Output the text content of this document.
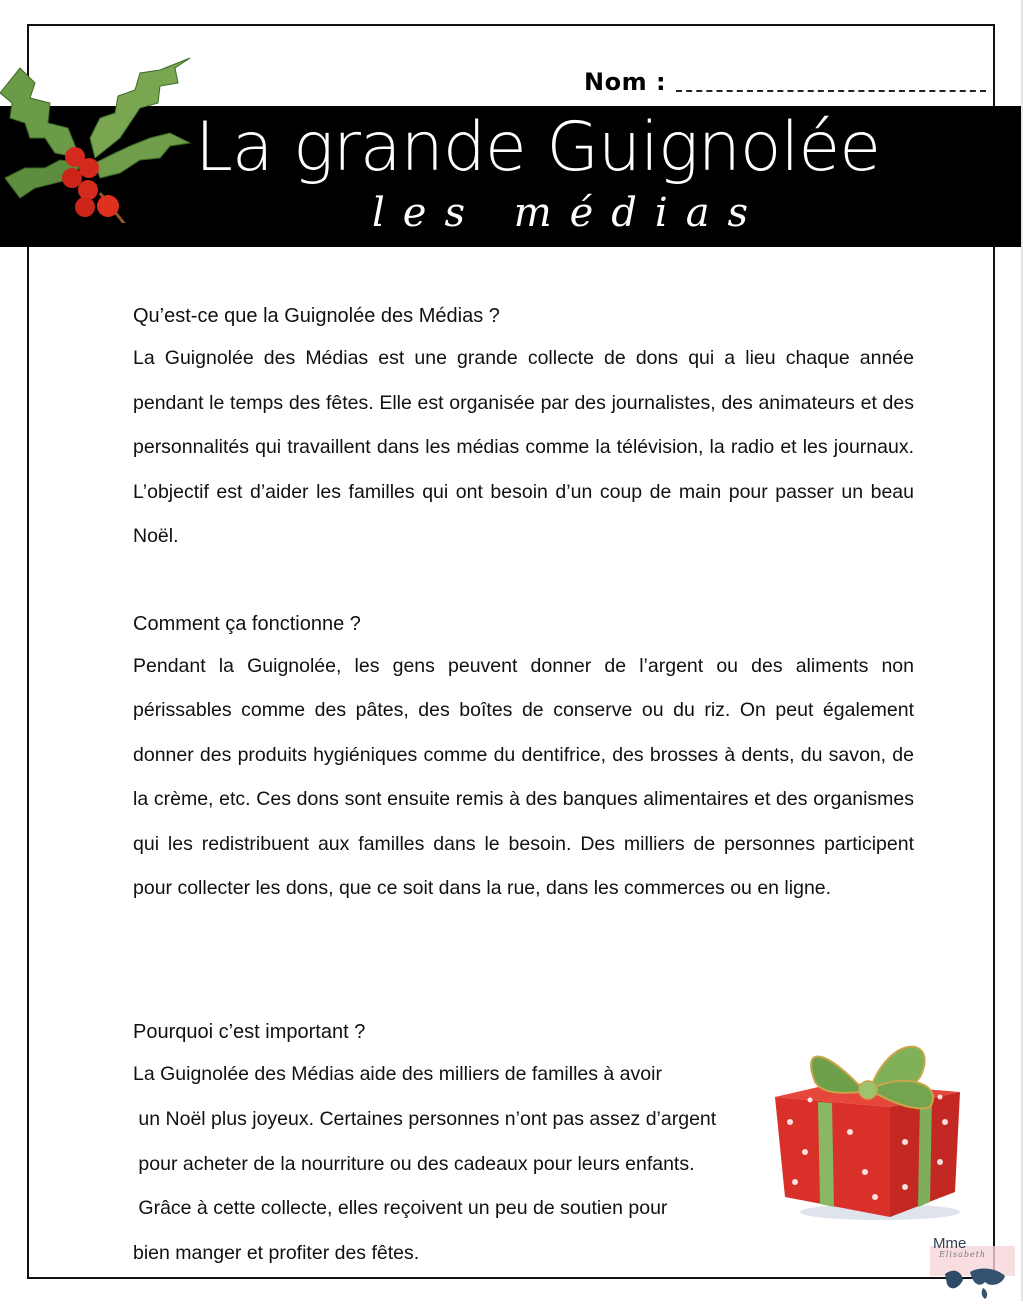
Nom :
La grande Guignolée
les médias
Qu’est-ce que la Guignolée des Médias ?

La Guignolée des Médias est une grande collecte de dons qui a lieu chaque année pendant le temps des fêtes. Elle est organisée par des journalistes, des animateurs et des personnalités qui travaillent dans les médias comme la télévision, la radio et les journaux. L’objectif est d’aider les familles qui ont besoin d’un coup de main pour passer un beau Noël.

Comment ça fonctionne ?

Pendant la Guignolée, les gens peuvent donner de l’argent ou des aliments non périssables comme des pâtes, des boîtes de conserve ou du riz. On peut également donner des produits hygiéniques comme du dentifrice, des brosses à dents, du savon, de la crème, etc. Ces dons sont ensuite remis à des banques alimentaires et des organismes qui les redistribuent aux familles dans le besoin. Des milliers de personnes participent pour collecter les dons, que ce soit dans la rue, dans les commerces ou en ligne.

Pourquoi c’est important ?
La Guignolée des Médias aide des milliers de familles à avoir
un Noël plus joyeux. Certaines personnes n’ont pas assez d’argent
pour acheter de la nourriture ou des cadeaux pour leurs enfants.
Grâce à cette collecte, elles reçoivent un peu de soutien pour
bien manger et profiter des fêtes.	Mme
Elisabeth
